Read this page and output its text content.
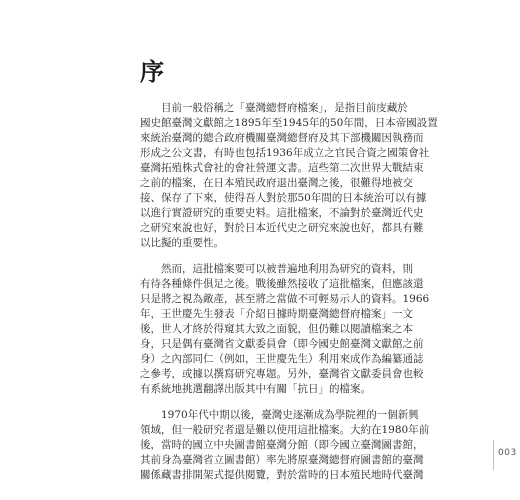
序

目前一般俗稱之「臺灣總督府檔案」，是指目前庋藏於
國史館臺灣文獻館之1895年至1945年的50年間，日本帝國設置
來統治臺灣的總合政府機關臺灣總督府及其下部機關因執務而
形成之公文書，有時也包括1936年成立之官民合資之國策會社
臺灣拓殖株式會社的會社營運文書。這些第二次世界大戰結束
之前的檔案，在日本殖民政府退出臺灣之後，很難得地被交
接、保存了下來，使得吾人對於那50年間的日本統治可以有據
以進行實證研究的重要史料。這批檔案，不論對於臺灣近代史
之研究來說也好，對於日本近代史之研究來說也好，都具有難
以比擬的重要性。

然而，這批檔案要可以被普遍地利用為研究的資料，則
有待各種條件俱足之後。戰後雖然接收了這批檔案，但應該還
只是將之視為敵產，甚至將之當做不可輕易示人的資料。1966
年，王世慶先生發表「介紹日據時期臺灣總督府檔案」一文
後，世人才終於得窺其大致之面貌，但仍難以閱讀檔案之本
身，只是偶有臺灣省文獻委員會（即今國史館臺灣文獻館之前
身）之內部同仁（例如，王世慶先生）利用來成作為編纂通誌
之參考，或據以撰寫研究專題。另外，臺灣省文獻委員會也較
有系統地挑選翻譯出版其中有關「抗日」的檔案。

1970年代中期以後，臺灣史逐漸成為學院裡的一個新興
領域，但一般研究者還是難以使用這批檔案。大約在1980年前
後，當時的國立中央圖書館臺灣分館（即今國立臺灣圖書館，
其前身為臺灣省立圖書館）率先將原臺灣總督府圖書館的臺灣
關係藏書排開架式提供閱覽，對於當時的日本殖民地時代臺灣

003
